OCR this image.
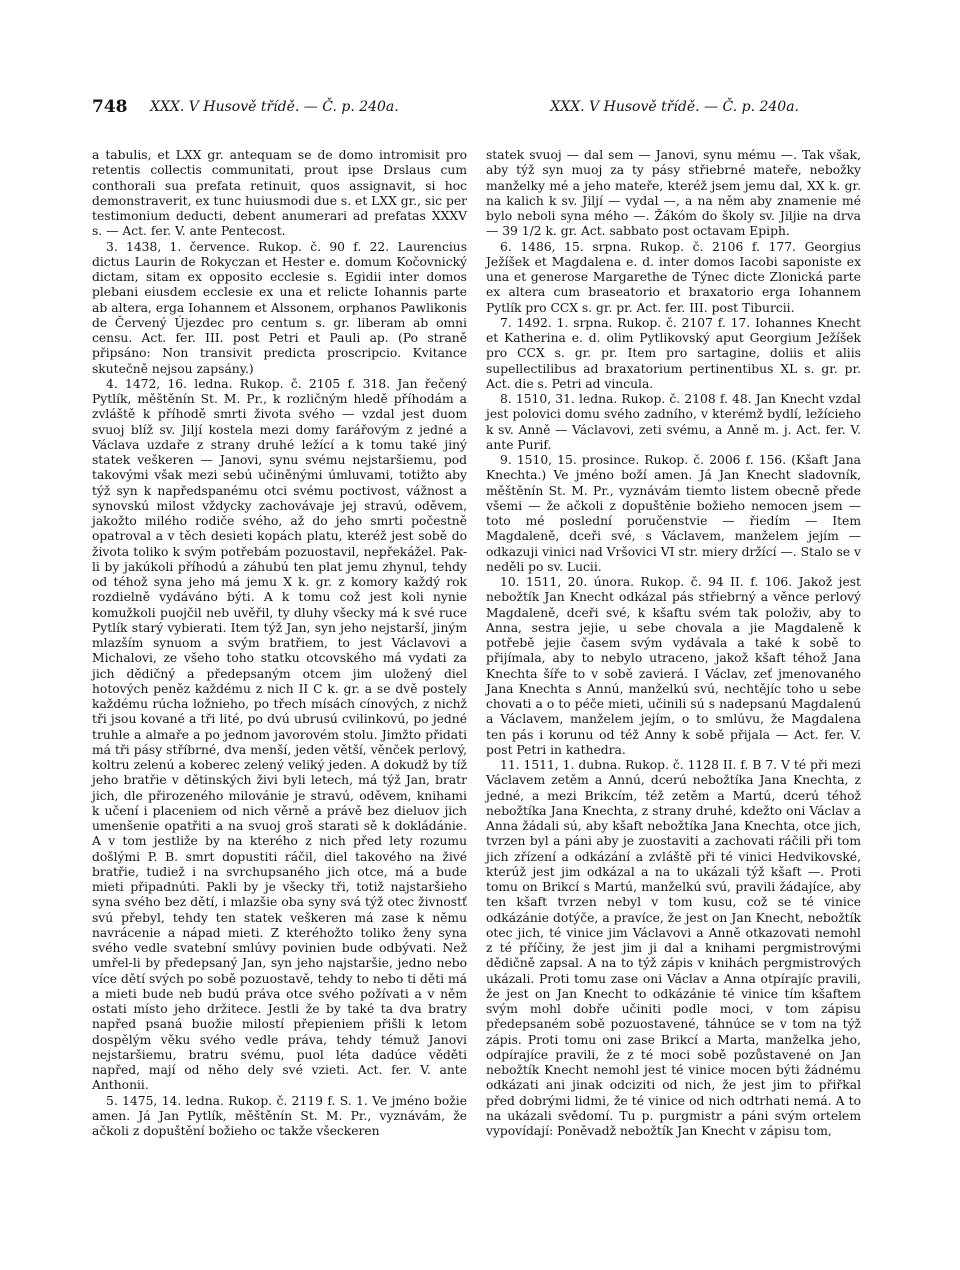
748 XXX. V Husově třídě. — Č. p. 240a.	XXX. V Husově třídě. — Č. p. 240a.

a tabulis, et LXX gr. antequam se de domo intromisit pro retentis collectis communitati, prout ipse Drslaus cum conthorali sua prefata retinuit, quos assignavit, si hoc demonstraverit, ex tunc huiusmodi due s. et LXX gr., sic per testimonium deducti, debent anumerari ad prefatas XXXV s. — Act. fer. V. ante Pentecost.

3. 1438, 1. července. Rukop. č. 90 f. 22. Laurencius dictus Laurin de Rokyczan et Hester e. domum Kočovnický dictam, sitam ex opposito ecclesie s. Egidii inter domos plebani eiusdem ecclesie ex una et relicte Iohannis parte ab altera, erga Iohannem et Alssonem, orphanos Pawlikonis de Červený Újezdec pro centum s. gr. liberam ab omni censu. Act. fer. III. post Petri et Pauli ap. (Po straně připsáno: Non transivit predicta proscripcio. Kvitance skutečně nejsou zapsány.)

4. 1472, 16. ledna. Rukop. č. 2105 f. 318. Jan řečený Pytlík, měštěnín St. M. Pr., k rozličným hledě příhodám a zvláště k příhodě smrti života svého — vzdal jest duom svuoj blíž sv. Jiljí kostela mezi domy farářovým z jedné a Václava uzdaře z strany druhé ležící a k tomu také jiný statek veškeren — Janovi, synu svému nejstaršiemu, pod takovými však mezi sebú učiněnými úmluvami, totižto aby týž syn k napředspanému otci svému poctivost, vážnost a synovskú milost vždycky zachovávaje jej stravú, oděvem, jakožto milého rodiče svého, až do jeho smrti počestně opatroval a v těch desieti kopách platu, kteréž jest sobě do života toliko k svým potřebám pozuostavil, nepřekážel. Pak-li by jakúkoli příhodú a záhubú ten plat jemu zhynul, tehdy od téhož syna jeho má jemu X k. gr. z komory každý rok rozdielně vydáváno býti. A k tomu což jest koli nynie komužkoli puojčil neb uvěřil, ty dluhy všecky má k své ruce Pytlík starý vybierati. Item týž Jan, syn jeho nejstarší, jiným mlazším synuom a svým bratřiem, to jest Václavovi a Michalovi, ze všeho toho statku otcovského má vydati za jich dědičný a předepsaným otcem jim uložený diel hotových peněz každému z nich II C k. gr. a se dvě postely každému rúcha ložnieho, po třech mísách cínových, z nichž tři jsou kované a tři lité, po dvú ubrusú cvilinkovú, po jedné truhle a almaře a po jednom javorovém stolu. Jimžto přidati má tři pásy stříbrné, dva menší, jeden větší, věnček perlový, koltru zelenú a koberec zelený veliký jeden. A dokudž by tíž jeho bratřie v dětinských živi byli letech, má týž Jan, bratr jich, dle přirozeného milovánie je stravú, oděvem, knihami k učení i placeniem od nich věrně a právě bez dieluov jich umenšenie opatřiti a na svuoj groš starati sě k dokládánie. A v tom jestliže by na kterého z nich před lety rozumu došlými P. B. smrt dopustiti ráčil, diel takového na živé bratřie, tudiež i na svrchupsaného jich otce, má a bude mieti připadnúti. Pakli by je všecky tři, totiž najstaršieho syna svého bez dětí, i mlazšie oba syny svá týž otec živnostť svú přebyl, tehdy ten statek veškeren má zase k němu navrácenie a nápad mieti. Z kteréhožto toliko ženy syna svého vedle svatební smlúvy povinien bude odbývati. Než umřel-li by předepsaný Jan, syn jeho najstaršie, jedno nebo více dětí svých po sobě pozuostavě, tehdy to nebo ti děti má a mieti bude neb budú práva otce svého požívati a v něm ostati místo jeho držitece. Jestli že by také ta dva bratry napřed psaná buožie milostí přepieniem přišli k letom dospělým věku svého vedle práva, tehdy témuž Janovi nejstaršiemu, bratru svému, puol léta dadúce věděti napřed, mají od něho dely své vzieti. Act. fer. V. ante Anthonii.

5. 1475, 14. ledna. Rukop. č. 2119 f. S. 1. Ve jméno božie amen. Já Jan Pytlík, měštěnín St. M. Pr., vyznávám, že ačkoli z dopuštění božieho oc takže všeckeren

statek svuoj — dal sem — Janovi, synu mému —. Tak však, aby týž syn muoj za ty pásy střiebrné mateře, nebožky manželky mé a jeho mateře, kteréž jsem jemu dal, XX k. gr. na kalich k sv. Jiljí — vydal —, a na něm aby znamenie mé bylo neboli syna mého —. Žákóm do školy sv. Jiljie na drva — 39 1/2 k. gr. Act. sabbato post octavam Epiph.

6. 1486, 15. srpna. Rukop. č. 2106 f. 177. Georgius Ježíšek et Magdalena e. d. inter domos Iacobi saponiste ex una et generose Margarethe de Týnec dicte Zlonická parte ex altera cum braseatorio et braxatorio erga Iohannem Pytlík pro CCX s. gr. pr. Act. fer. III. post Tiburcii.

7. 1492. 1. srpna. Rukop. č. 2107 f. 17. Iohannes Knecht et Katherina e. d. olim Pytlikovský aput Georgium Ježíšek pro CCX s. gr. pr. Item pro sartagine, doliis et aliis supellectilibus ad braxatorium pertinentibus XL s. gr. pr. Act. die s. Petri ad vincula.

8. 1510, 31. ledna. Rukop. č. 2108 f. 48. Jan Knecht vzdal jest polovici domu svého zadního, v kterémž bydlí, ležícieho k sv. Anně — Václavovi, zeti svému, a Anně m. j. Act. fer. V. ante Purif.

9. 1510, 15. prosince. Rukop. č. 2006 f. 156. (Kšaft Jana Knechta.) Ve jméno boží amen. Já Jan Knecht sladovník, měštěnín St. M. Pr., vyznávám tiemto listem obecně přede všemi — že ačkoli z dopuštěnie božieho nemocen jsem — toto mé poslední poručenstvie — řiedím — Item Magdaleně, dceři své, s Václavem, manželem jejím — odkazuji vinici nad Vršovici VI str. miery držící —. Stalo se v neděli po sv. Lucii.

10. 1511, 20. února. Rukop. č. 94 II. f. 106. Jakož jest nebožtík Jan Knecht odkázal pás střiebrný a věnce perlový Magdaleně, dceři své, k kšaftu svém tak položiv, aby to Anna, sestra jejie, u sebe chovala a jie Magdaleně k potřebě jejie časem svým vydávala a také k sobě to přijímala, aby to nebylo utraceno, jakož kšaft téhož Jana Knechta šíře to v sobě zavierá. I Václav, zeť jmenovaného Jana Knechta s Annú, manželkú svú, nechtějíc toho u sebe chovati a o to péče mieti, učinili sú s nadepsanú Magdalenú a Václavem, manželem jejím, o to smlúvu, že Magdalena ten pás i korunu od též Anny k sobě přijala — Act. fer. V. post Petri in kathedra.

11. 1511, 1. dubna. Rukop. č. 1128 II. f. B 7. V té při mezi Václavem zetěm a Annú, dcerú nebožtíka Jana Knechta, z jedné, a mezi Brikcím, též zetěm a Martú, dcerú téhož nebožtíka Jana Knechta, z strany druhé, kdežto oni Václav a Anna žádali sú, aby kšaft nebožtíka Jana Knechta, otce jich, tvrzen byl a páni aby je zuostaviti a zachovati ráčili při tom jich zřízení a odkázání a zvláště při té vinici Hedvikovské, kterúž jest jim odkázal a na to ukázali týž kšaft —. Proti tomu on Brikcí s Martú, manželkú svú, pravili žádajíce, aby ten kšaft tvrzen nebyl v tom kusu, což se té vinice odkázánie dotýče, a pravíce, že jest on Jan Knecht, nebožtík otec jich, té vinice jim Václavovi a Anně otkazovati nemohl z té příčiny, že jest jim ji dal a knihami pergmistrovými dědičně zapsal. A na to týž zápis v knihách pergmistrových ukázali. Proti tomu zase oni Václav a Anna otpírajíc pravili, že jest on Jan Knecht to odkázánie té vinice tím kšaftem svým mohl dobře učiniti podle moci, v tom zápisu předepsaném sobě pozuostavené, táhnúce se v tom na týž zápis. Proti tomu oni zase Brikcí a Marta, manželka jeho, odpírajíce pravili, že z té moci sobě pozůstavené on Jan nebožtík Knecht nemohl jest té vinice mocen býti žádnému odkázati ani jinak odciziti od nich, že jest jim to přiřkal před dobrými lidmi, že té vinice od nich odtrhati nemá. A to na ukázali svědomí. Tu p. purgmistr a páni svým ortelem vypovídají: Poněvadž nebožtík Jan Knecht v zápisu tom,
